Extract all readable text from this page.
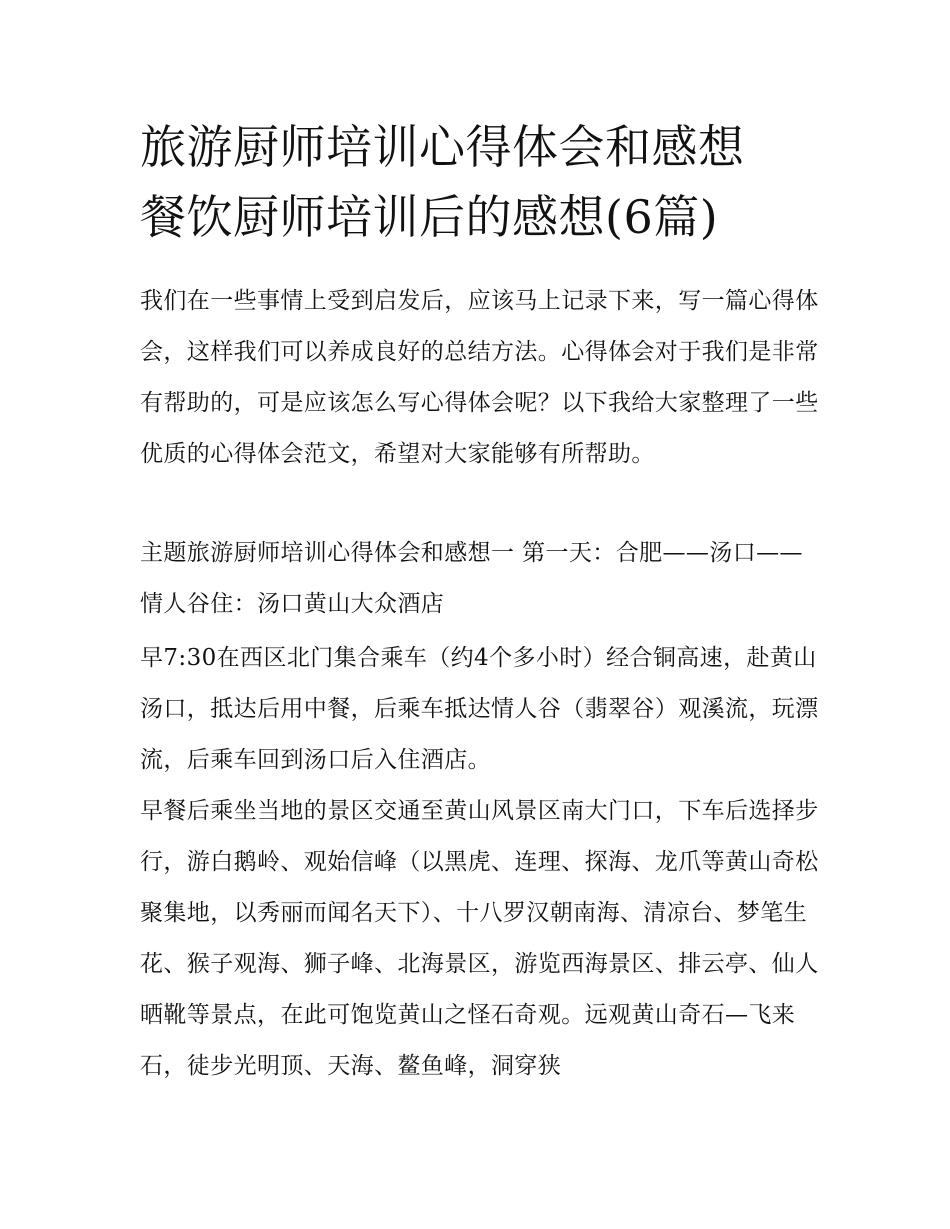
旅游厨师培训心得体会和感想
餐饮厨师培训后的感想(6篇)

我们在一些事情上受到启发后，应该马上记录下来，写一篇心得体会，这样我们可以养成良好的总结方法。心得体会对于我们是非常有帮助的，可是应该怎么写心得体会呢？以下我给大家整理了一些优质的心得体会范文，希望对大家能够有所帮助。

主题旅游厨师培训心得体会和感想一 第一天：合肥——汤口——情人谷住：汤口黄山大众酒店

早7:30在西区北门集合乘车（约4个多小时）经合铜高速，赴黄山汤口，抵达后用中餐，后乘车抵达情人谷（翡翠谷）观溪流，玩漂流，后乘车回到汤口后入住酒店。

早餐后乘坐当地的景区交通至黄山风景区南大门口，下车后选择步行，游白鹅岭、观始信峰（以黑虎、连理、探海、龙爪等黄山奇松聚集地，以秀丽而闻名天下）、十八罗汉朝南海、清凉台、梦笔生花、猴子观海、狮子峰、北海景区，游览西海景区、排云亭、仙人晒靴等景点，在此可饱览黄山之怪石奇观。远观黄山奇石—飞来石，徒步光明顶、天海、鳌鱼峰，洞穿狭
